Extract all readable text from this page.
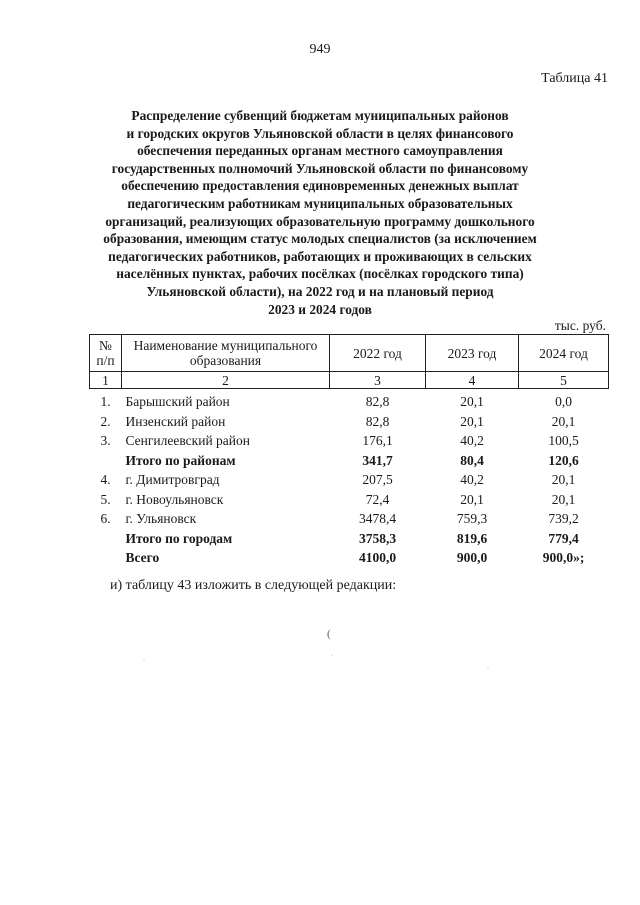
949
Таблица 41
Распределение субвенций бюджетам муниципальных районов
и городских округов Ульяновской области в целях финансового
обеспечения переданных органам местного самоуправления
государственных полномочий Ульяновской области по финансовому
обеспечению предоставления единовременных денежных выплат
педагогическим работникам муниципальных образовательных
организаций, реализующих образовательную программу дошкольного
образования, имеющим статус молодых специалистов (за исключением
педагогических работников, работающих и проживающих в сельских
населённых пунктах, рабочих посёлках (посёлках городского типа)
Ульяновской области), на 2022 год и на плановый период
2023 и 2024 годов
тыс. руб.
№ п/п	Наименование муниципального образования	2022 год	2023 год	2024 год
1	2	3	4	5
1.	Барышский район	82,8	20,1	0,0
2.	Инзенский район	82,8	20,1	20,1
3.	Сенгилеевский район	176,1	40,2	100,5
	Итого по районам	341,7	80,4	120,6
4.	г. Димитровград	207,5	40,2	20,1
5.	г. Новоульяновск	72,4	20,1	20,1
6.	г. Ульяновск	3478,4	759,3	739,2
	Итого по городам	3758,3	819,6	779,4
	Всего	4100,0	900,0	900,0»;
и) таблицу 43 изложить в следующей редакции:
(
·
·
·
